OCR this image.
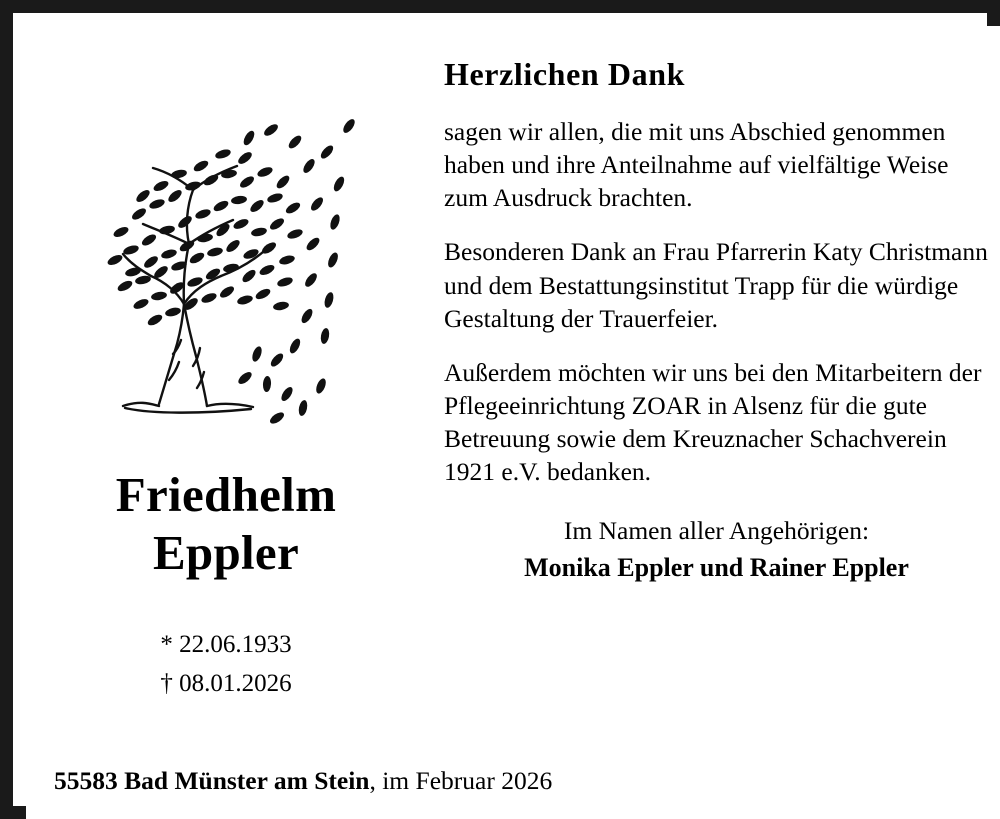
Friedhelm
Eppler
* 22.06.1933
† 08.01.2026
Herzlichen Dank

sagen wir allen, die mit uns Abschied genommen haben und ihre Anteilnahme auf vielfältige Weise zum Ausdruck brachten.

Besonderen Dank an Frau Pfarrerin Katy Christmann und dem Bestattungsinstitut Trapp für die würdige Gestaltung der Trauerfeier.

Außerdem möchten wir uns bei den Mitarbeitern der Pflegeeinrichtung ZOAR in Alsenz für die gute Betreuung sowie dem Kreuznacher Schachverein 1921 e.V. bedanken.

Im Namen aller Angehörigen:
Monika Eppler und Rainer Eppler
55583 Bad Münster am Stein, im Februar 2026
